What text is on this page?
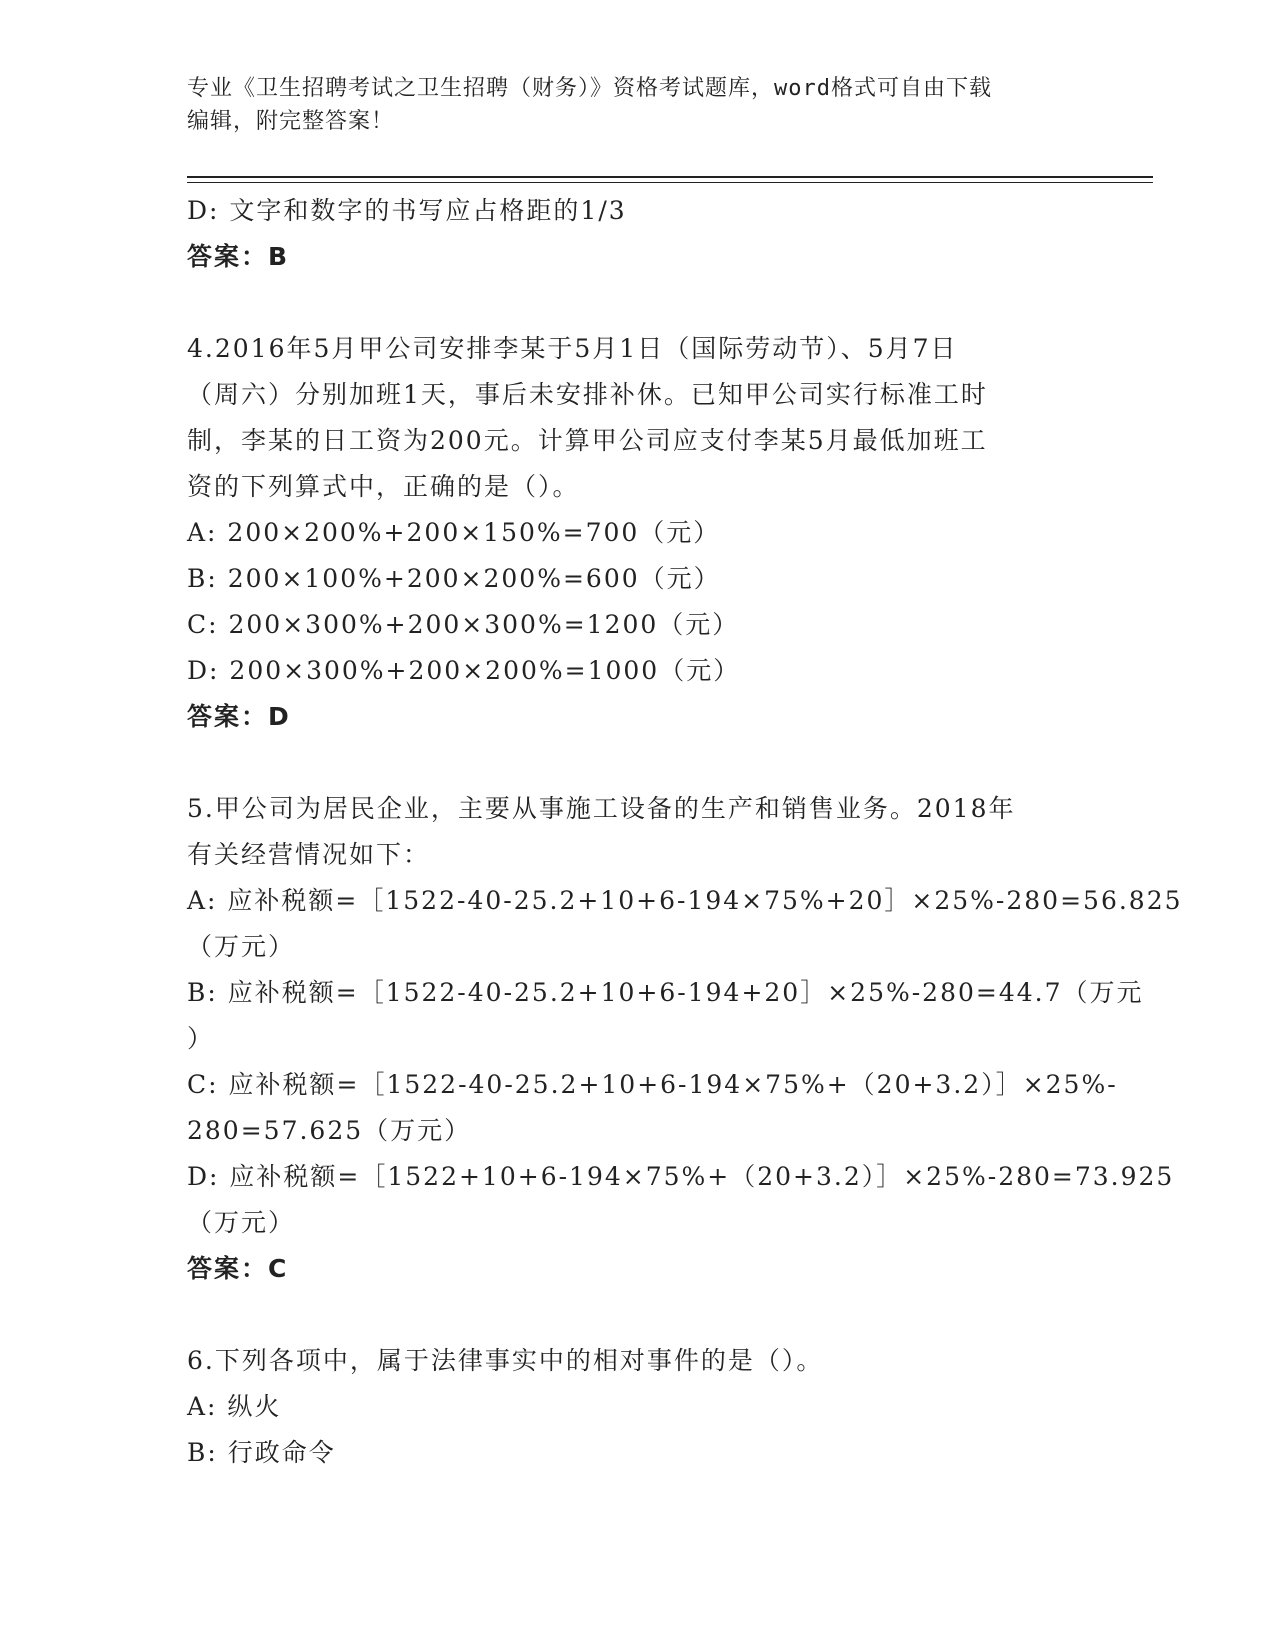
专业《卫生招聘考试之卫生招聘（财务）》资格考试题库，word格式可自由下载
编辑，附完整答案！
D: 文字和数字的书写应占格距的1/3
答案：B
4.2016年5月甲公司安排李某于5月1日（国际劳动节）、5月7日
（周六）分别加班1天，事后未安排补休。已知甲公司实行标准工时
制，李某的日工资为200元。计算甲公司应支付李某5月最低加班工
资的下列算式中，正确的是（）。
A: 200×200%+200×150%=700（元）
B: 200×100%+200×200%=600（元）
C: 200×300%+200×300%=1200（元）
D: 200×300%+200×200%=1000（元）
答案：D
5.甲公司为居民企业，主要从事施工设备的生产和销售业务。2018年
有关经营情况如下：
A: 应补税额=［1522-40-25.2+10+6-194×75%+20］×25%-280=56.825
（万元）
B: 应补税额=［1522-40-25.2+10+6-194+20］×25%-280=44.7（万元
）
C: 应补税额=［1522-40-25.2+10+6-194×75%+（20+3.2）］×25%-
280=57.625（万元）
D: 应补税额=［1522+10+6-194×75%+（20+3.2）］×25%-280=73.925
（万元）
答案：C
6.下列各项中，属于法律事实中的相对事件的是（）。
A: 纵火
B: 行政命令
